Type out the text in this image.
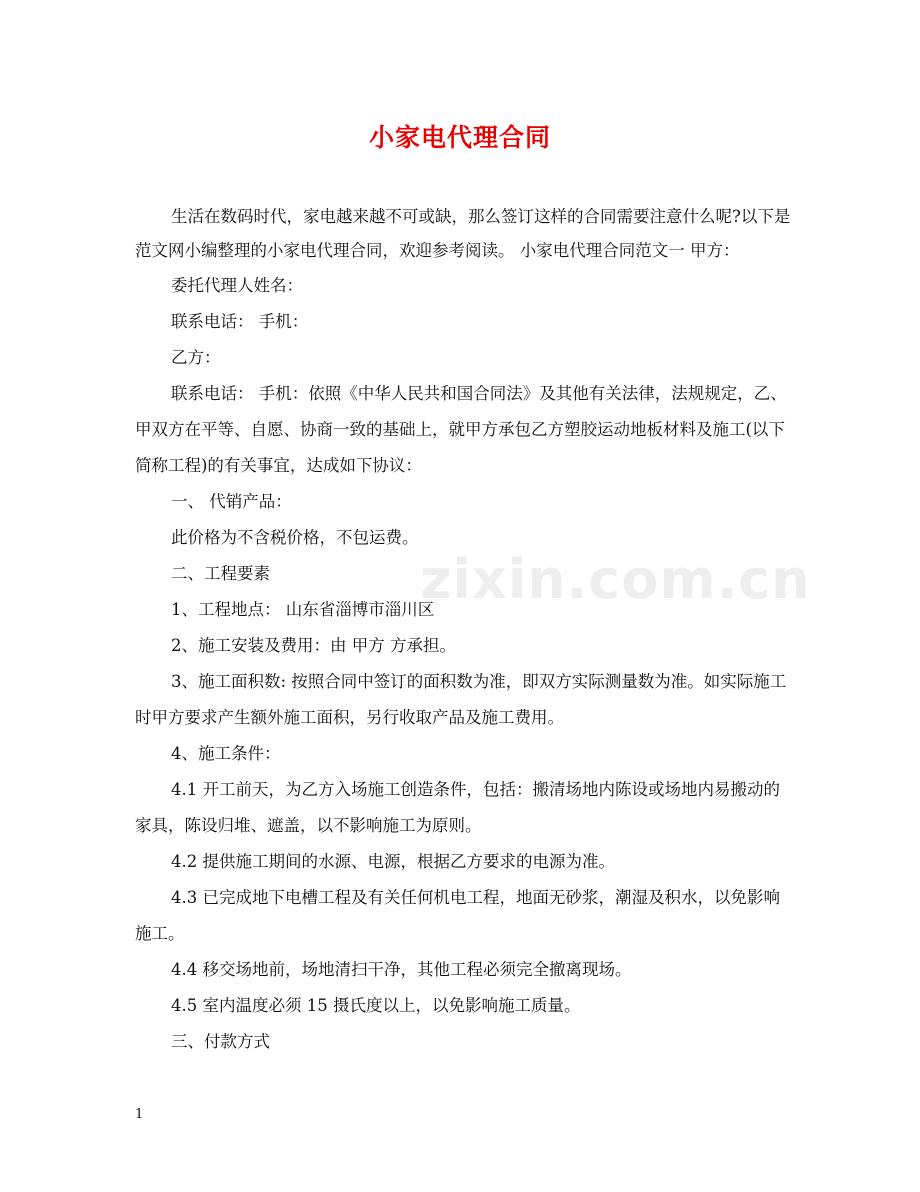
小家电代理合同

生活在数码时代，家电越来越不可或缺，那么签订这样的合同需要注意什么呢?以下是范文网小编整理的小家电代理合同，欢迎参考阅读。 小家电代理合同范文一 甲方：

委托代理人姓名：

联系电话： 手机：

乙方：

联系电话： 手机：依照《中华人民共和国合同法》及其他有关法律，法规规定，乙、甲双方在平等、自愿、协商一致的基础上，就甲方承包乙方塑胶运动地板材料及施工(以下简称工程)的有关事宜，达成如下协议：

一、 代销产品：

此价格为不含税价格，不包运费。

二、工程要素

1、工程地点： 山东省淄博市淄川区

2、施工安装及费用：由 甲方 方承担。

3、施工面积数: 按照合同中签订的面积数为准，即双方实际测量数为准。如实际施工时甲方要求产生额外施工面积，另行收取产品及施工费用。

4、施工条件：

4.1 开工前天，为乙方入场施工创造条件，包括：搬清场地内陈设或场地内易搬动的家具，陈设归堆、遮盖，以不影响施工为原则。

4.2 提供施工期间的水源、电源，根据乙方要求的电源为准。

4.3 已完成地下电槽工程及有关任何机电工程，地面无砂浆，潮湿及积水，以免影响施工。

4.4 移交场地前，场地清扫干净，其他工程必须完全撤离现场。

4.5 室内温度必须 15 摄氏度以上，以免影响施工质量。

三、付款方式

zixin.com.cn
1
